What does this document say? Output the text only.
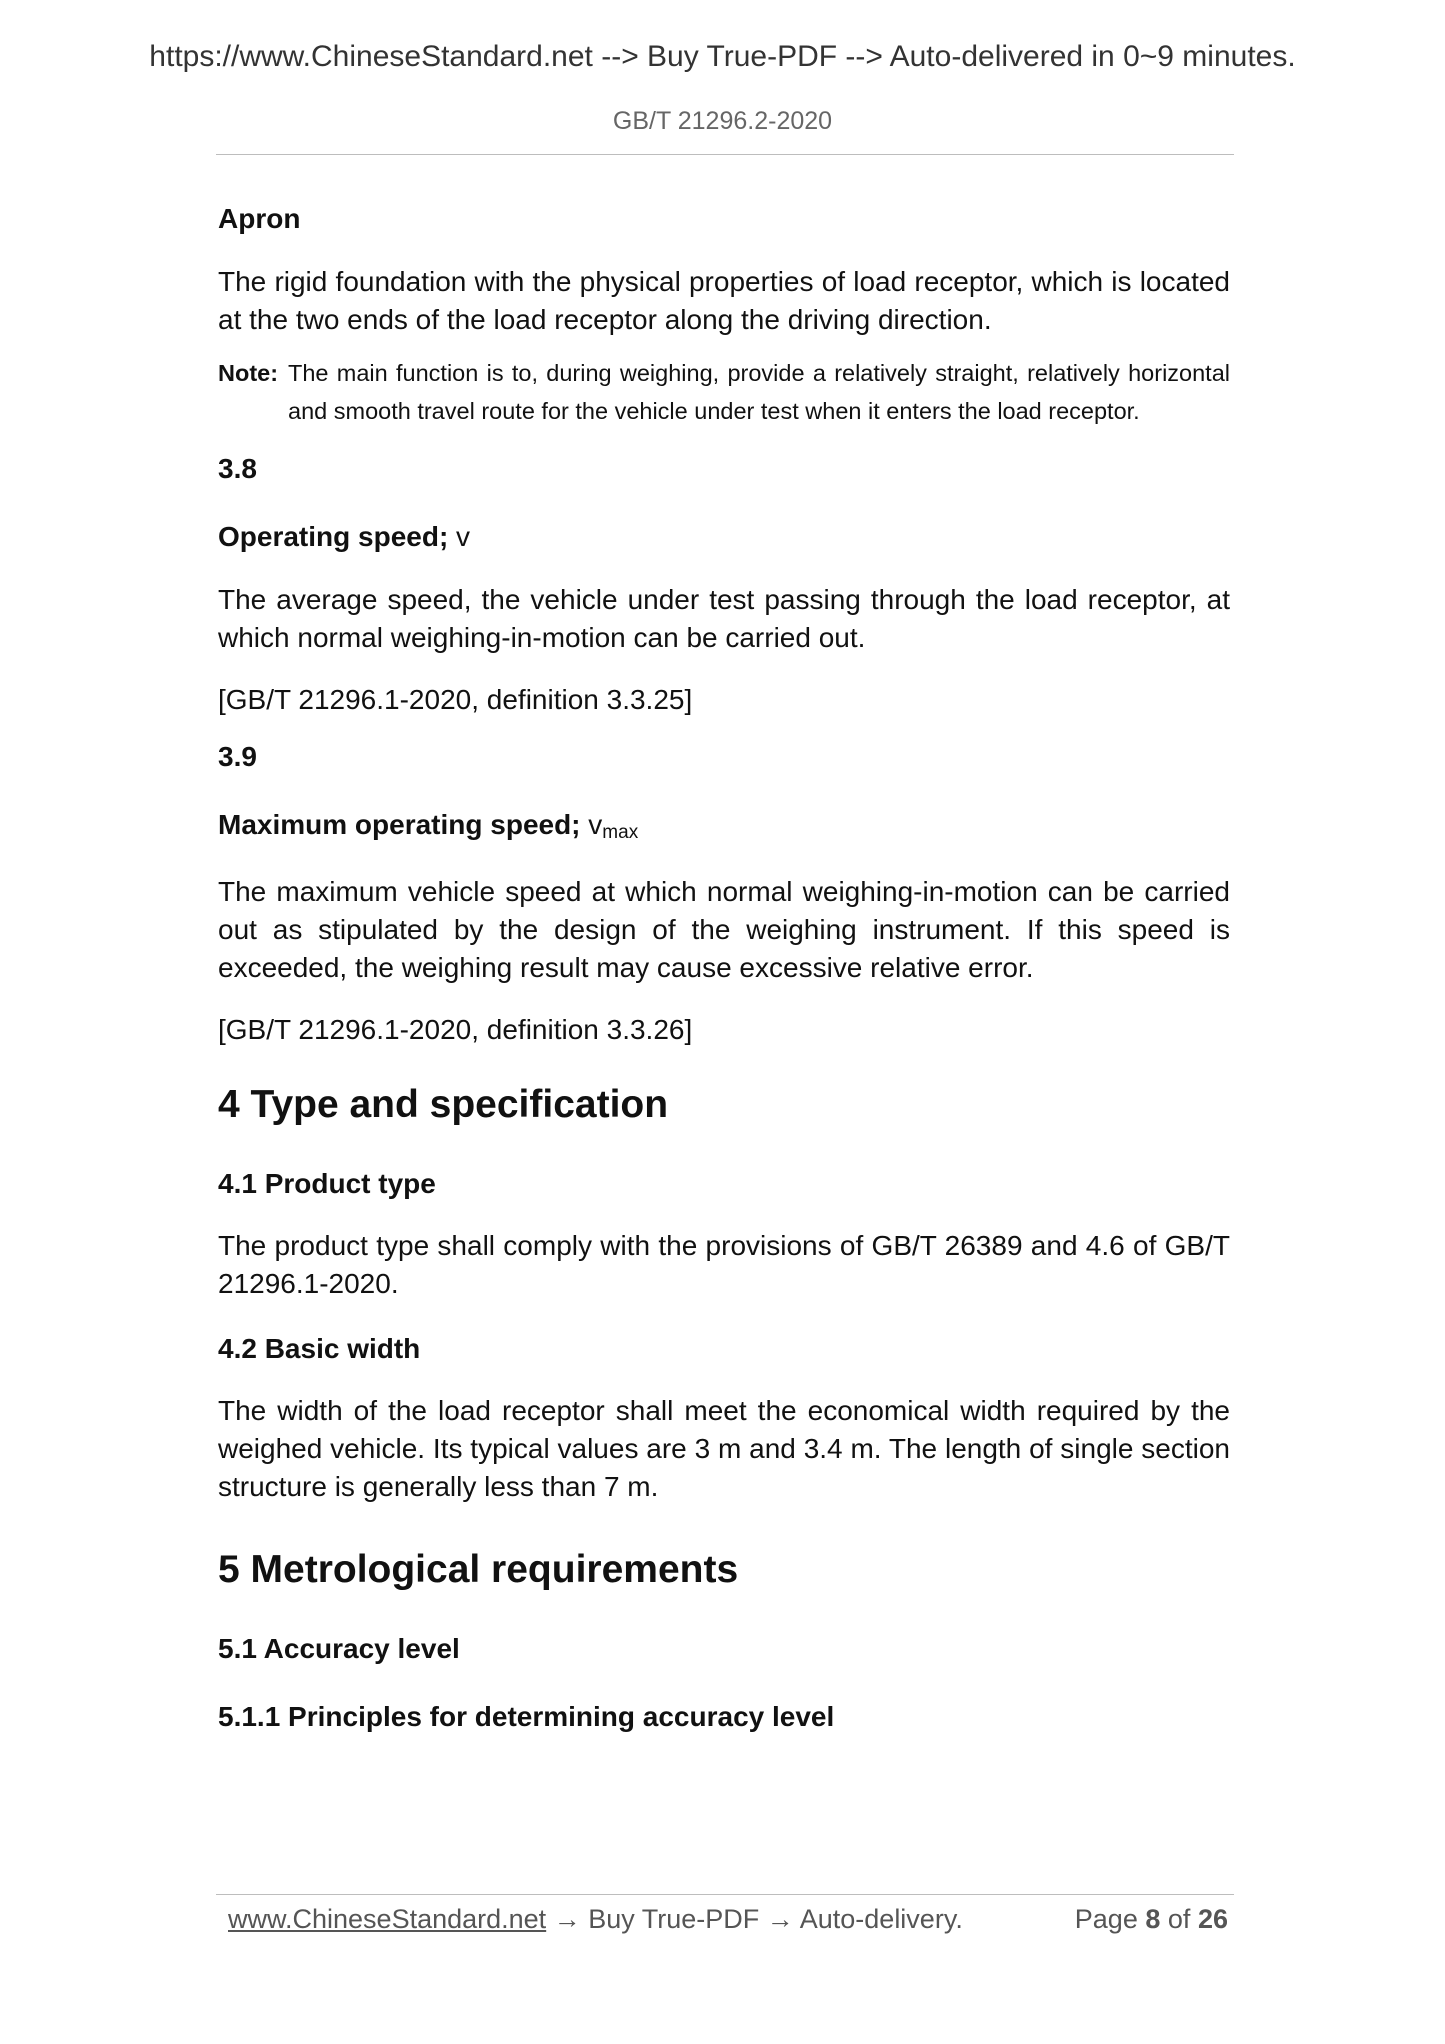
https://www.ChineseStandard.net --> Buy True-PDF --> Auto-delivered in 0~9 minutes.
GB/T 21296.2-2020

Apron

The rigid foundation with the physical properties of load receptor, which is located at the two ends of the load receptor along the driving direction.

Note: The main function is to, during weighing, provide a relatively straight, relatively horizontal and smooth travel route for the vehicle under test when it enters the load receptor.

3.8

Operating speed; v

The average speed, the vehicle under test passing through the load receptor, at which normal weighing-in-motion can be carried out.

[GB/T 21296.1-2020, definition 3.3.25]

3.9

Maximum operating speed; vmax

The maximum vehicle speed at which normal weighing-in-motion can be carried out as stipulated by the design of the weighing instrument. If this speed is exceeded, the weighing result may cause excessive relative error.

[GB/T 21296.1-2020, definition 3.3.26]

4 Type and specification

4.1 Product type

The product type shall comply with the provisions of GB/T 26389 and 4.6 of GB/T 21296.1-2020.

4.2 Basic width

The width of the load receptor shall meet the economical width required by the weighed vehicle. Its typical values are 3 m and 3.4 m. The length of single section structure is generally less than 7 m.

5 Metrological requirements

5.1 Accuracy level

5.1.1 Principles for determining accuracy level

www.ChineseStandard.net → Buy True-PDF → Auto-delivery.	Page 8 of 26
